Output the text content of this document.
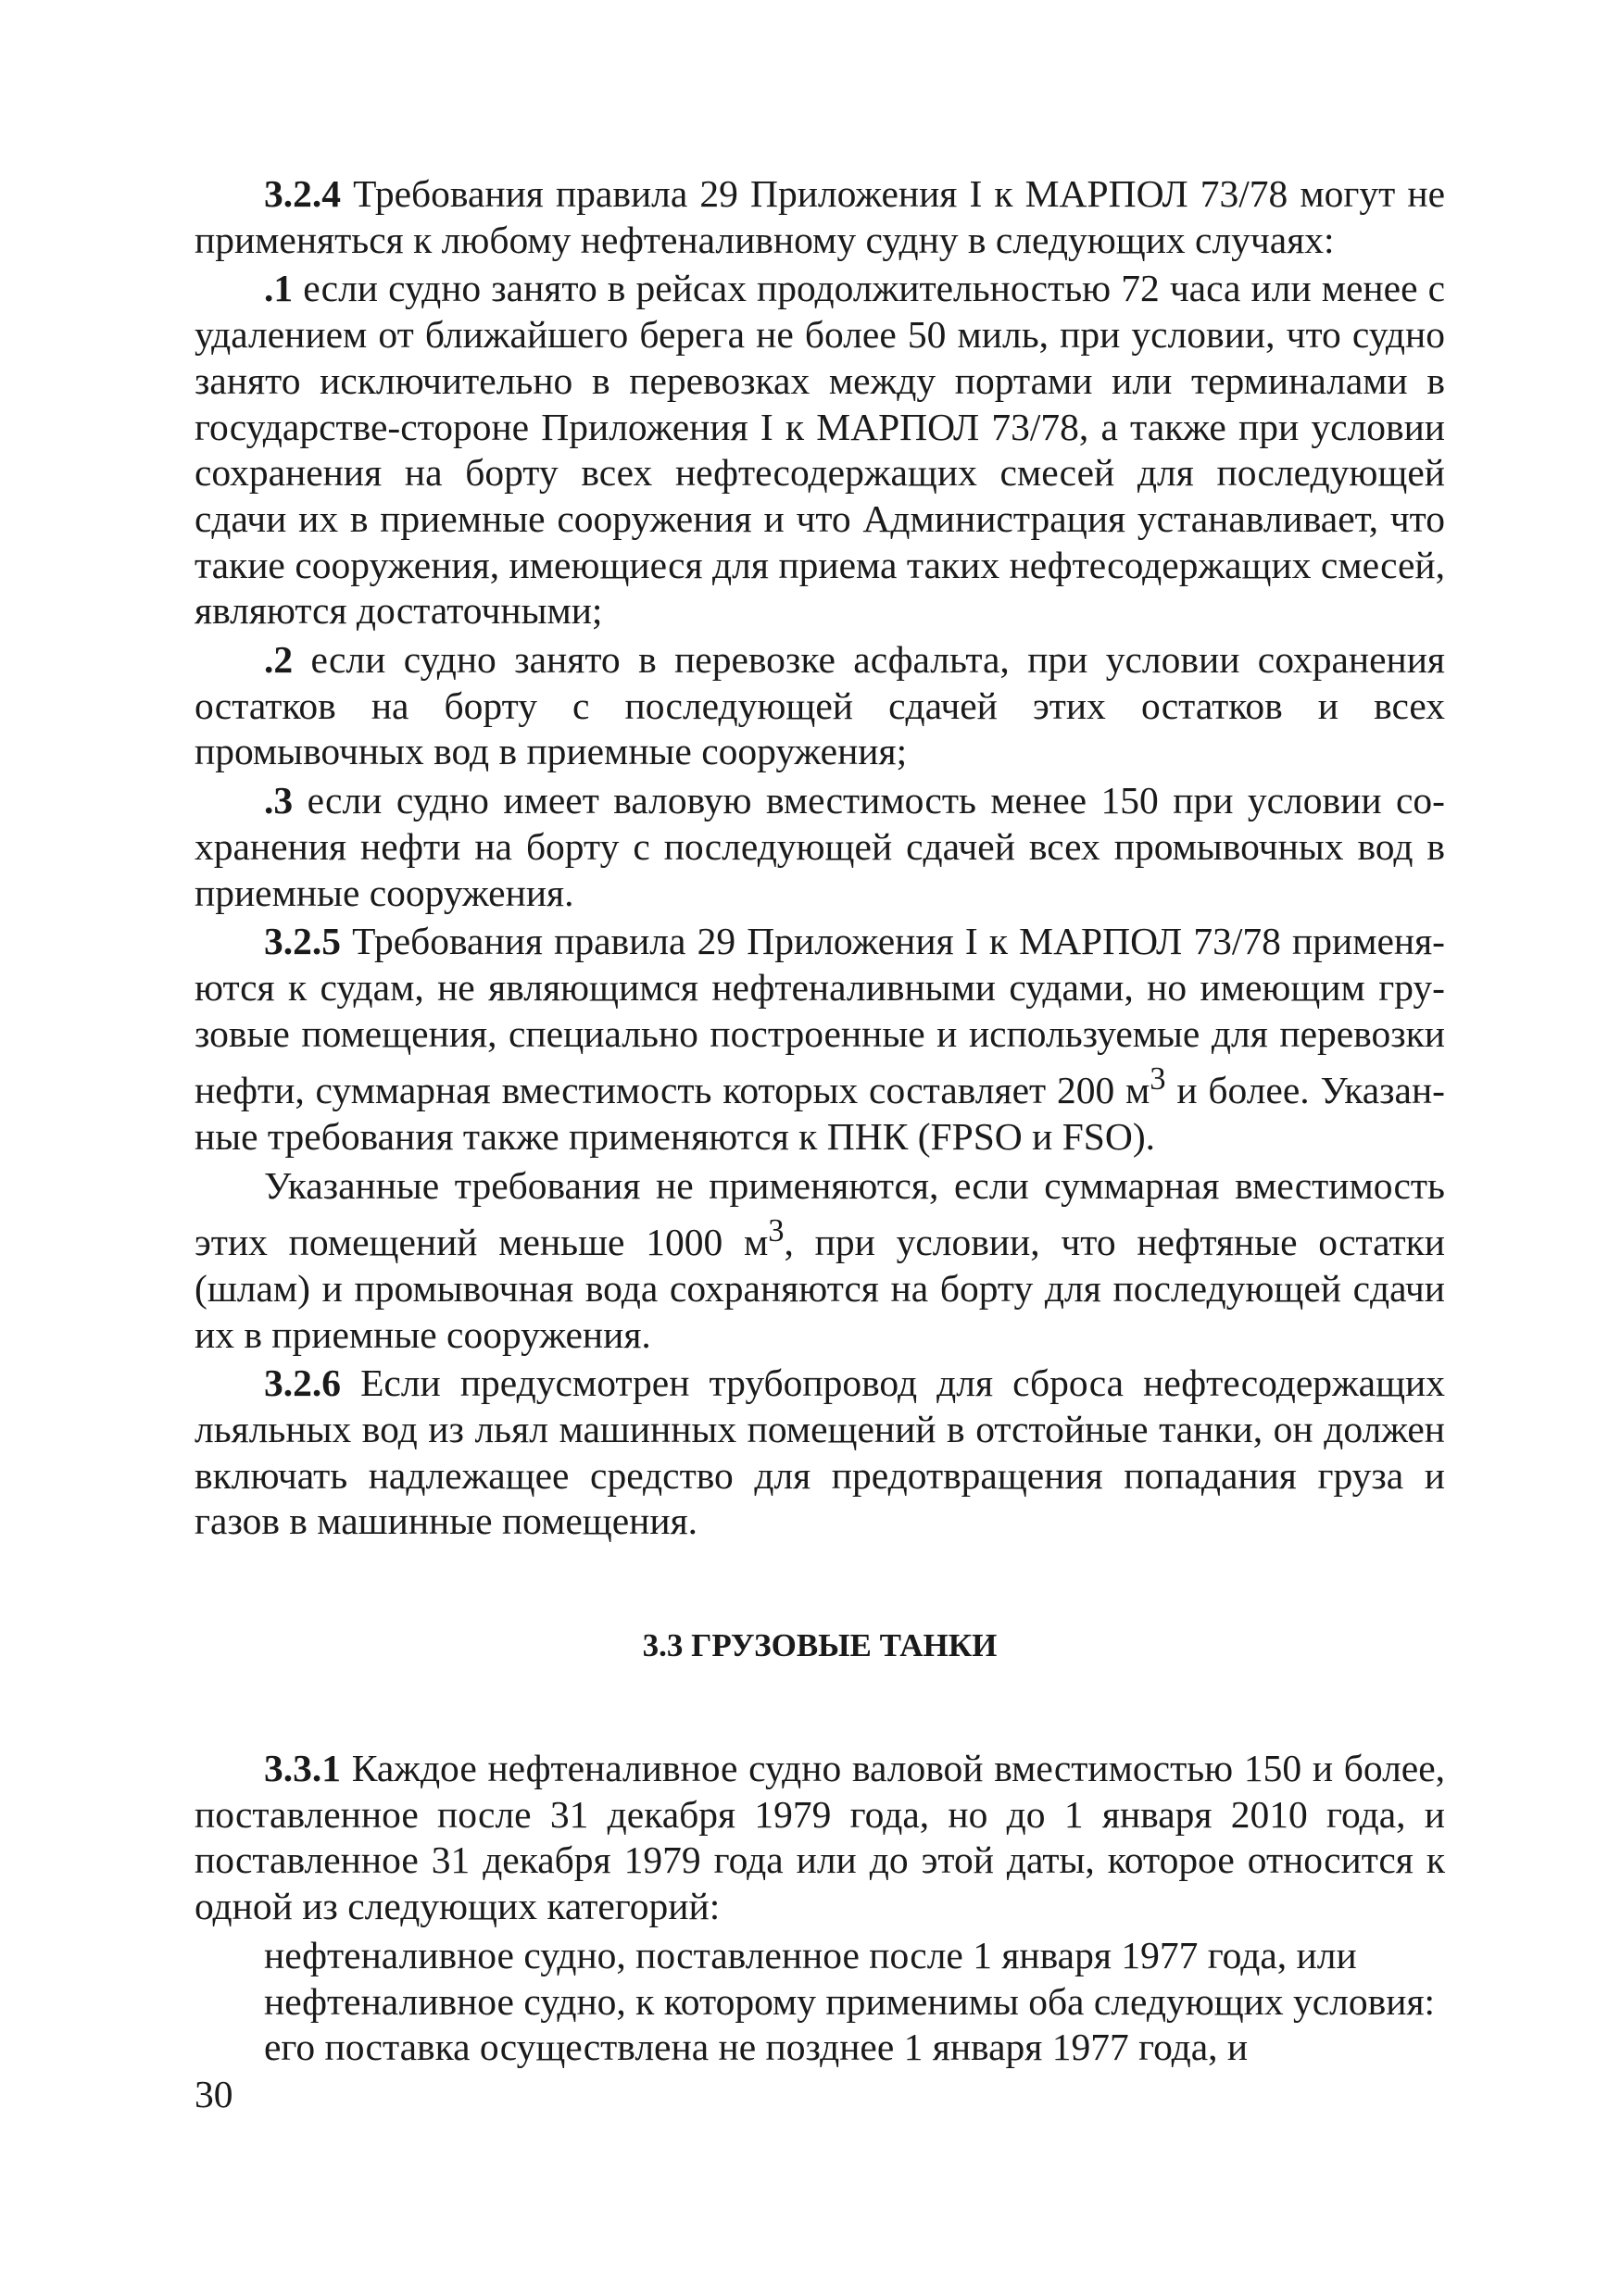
3.2.4 Требования правила 29 Приложения I к МАРПОЛ 73/78 могут не применяться к любому нефтеналивному судну в следующих случаях:

.1 если судно занято в рейсах продолжительностью 72 часа или менее с удалением от ближайшего берега не более 50 миль, при условии, что судно занято исключительно в перевозках между портами или терминалами в государстве-стороне Приложения I к МАРПОЛ 73/78, а также при условии сохранения на борту всех нефтесодержащих смесей для последующей сдачи их в приемные сооружения и что Администрация устанавливает, что такие сооружения, имеющиеся для приема таких нефтесодержащих смесей, являются достаточными;

.2 если судно занято в перевозке асфальта, при условии сохранения остатков на борту с последующей сдачей этих остатков и всех промывочных вод в приемные сооружения;

.3 если судно имеет валовую вместимость менее 150 при условии сохранения нефти на борту с последующей сдачей всех промывочных вод в приемные сооружения.

3.2.5 Требования правила 29 Приложения I к МАРПОЛ 73/78 применяются к судам, не являющимся нефтеналивными судами, но имеющим грузовые помещения, специально построенные и используемые для перевозки нефти, суммарная вместимость которых составляет 200 $м^3$ и более. Указанные требования также применяются к ПНК (FPSO и FSO).

Указанные требования не применяются, если суммарная вместимость этих помещений меньше 1000 $м^3$, при условии, что нефтяные остатки (шлам) и промывочная вода сохраняются на борту для последующей сдачи их в приемные сооружения.

3.2.6 Если предусмотрен трубопровод для сброса нефтесодержащих льяльных вод из льял машинных помещений в отстойные танки, он должен включать надлежащее средство для предотвращения попадания груза и газов в машинные помещения.

3.3 ГРУЗОВЫЕ ТАНКИ

3.3.1 Каждое нефтеналивное судно валовой вместимостью 150 и более, поставленное после 31 декабря 1979 года, но до 1 января 2010 года, и поставленное 31 декабря 1979 года или до этой даты, которое относится к одной из следующих категорий:

нефтеналивное судно, поставленное после 1 января 1977 года, или

нефтеналивное судно, к которому применимы оба следующих условия:

его поставка осуществлена не позднее 1 января 1977 года, и

30
